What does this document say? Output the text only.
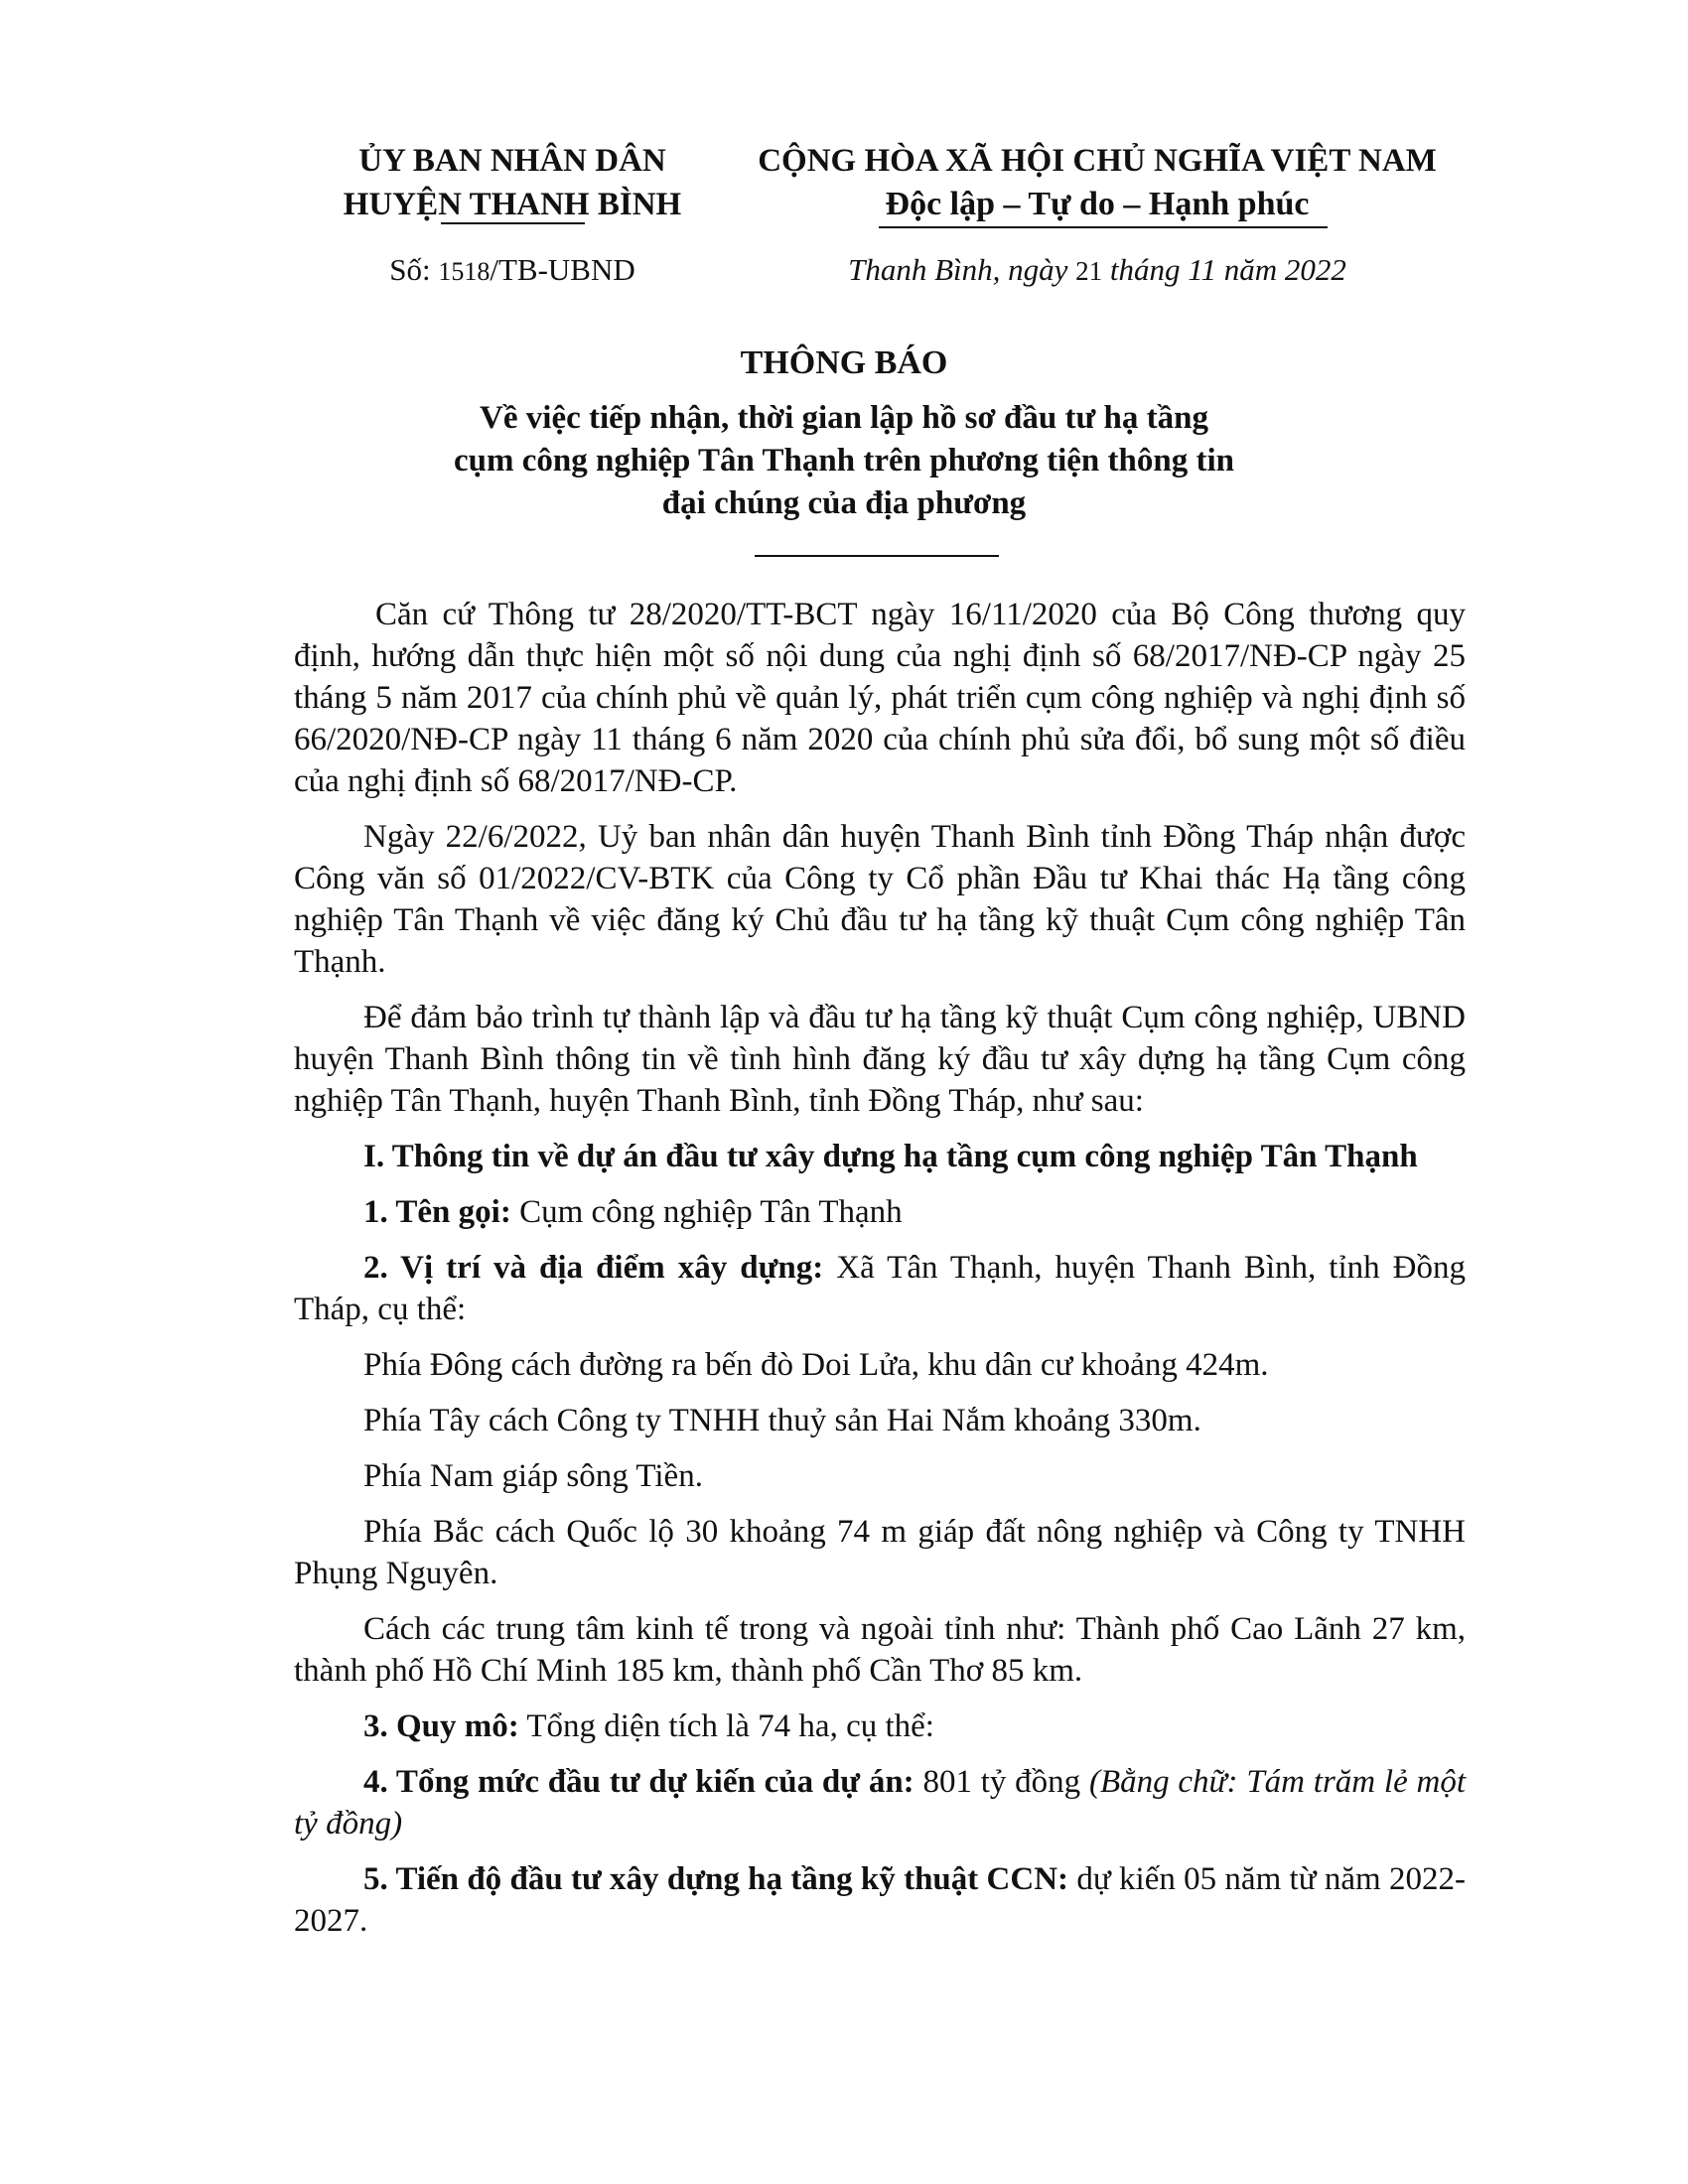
ỦY BAN NHÂN DÂN
HUYỆN THANH BÌNH
CỘNG HÒA XÃ HỘI CHỦ NGHĨA VIỆT NAM
Độc lập – Tự do – Hạnh phúc
Số: 1518/TB-UBND	Thanh Bình, ngày 21 tháng 11 năm 2022
THÔNG BÁO
Về việc tiếp nhận, thời gian lập hồ sơ đầu tư hạ tầng
cụm công nghiệp Tân Thạnh trên phương tiện thông tin
đại chúng của địa phương

Căn cứ Thông tư 28/2020/TT-BCT ngày 16/11/2020 của Bộ Công thương quy định, hướng dẫn thực hiện một số nội dung của nghị định số 68/2017/NĐ-CP ngày 25 tháng 5 năm 2017 của chính phủ về quản lý, phát triển cụm công nghiệp và nghị định số 66/2020/NĐ-CP ngày 11 tháng 6 năm 2020 của chính phủ sửa đổi, bổ sung một số điều của nghị định số 68/2017/NĐ-CP.

Ngày 22/6/2022, Uỷ ban nhân dân huyện Thanh Bình tỉnh Đồng Tháp nhận được Công văn số 01/2022/CV-BTK của Công ty Cổ phần Đầu tư Khai thác Hạ tầng công nghiệp Tân Thạnh về việc đăng ký Chủ đầu tư hạ tầng kỹ thuật Cụm công nghiệp Tân Thạnh.

Để đảm bảo trình tự thành lập và đầu tư hạ tầng kỹ thuật Cụm công nghiệp, UBND huyện Thanh Bình thông tin về tình hình đăng ký đầu tư xây dựng hạ tầng Cụm công nghiệp Tân Thạnh, huyện Thanh Bình, tỉnh Đồng Tháp, như sau:

I. Thông tin về dự án đầu tư xây dựng hạ tầng cụm công nghiệp Tân Thạnh

1. Tên gọi: Cụm công nghiệp Tân Thạnh

2. Vị trí và địa điểm xây dựng: Xã Tân Thạnh, huyện Thanh Bình, tỉnh Đồng Tháp, cụ thể:

Phía Đông cách đường ra bến đò Doi Lửa, khu dân cư khoảng 424m.

Phía Tây cách Công ty TNHH thuỷ sản Hai Nắm khoảng 330m.

Phía Nam giáp sông Tiền.

Phía Bắc cách Quốc lộ 30 khoảng 74 m giáp đất nông nghiệp và Công ty TNHH Phụng Nguyên.

Cách các trung tâm kinh tế trong và ngoài tỉnh như: Thành phố Cao Lãnh 27 km, thành phố Hồ Chí Minh 185 km, thành phố Cần Thơ 85 km.

3. Quy mô: Tổng diện tích là 74 ha, cụ thể:

4. Tổng mức đầu tư dự kiến của dự án: 801 tỷ đồng (Bằng chữ: Tám trăm lẻ một tỷ đồng)

5. Tiến độ đầu tư xây dựng hạ tầng kỹ thuật CCN: dự kiến 05 năm từ năm 2022-2027.
